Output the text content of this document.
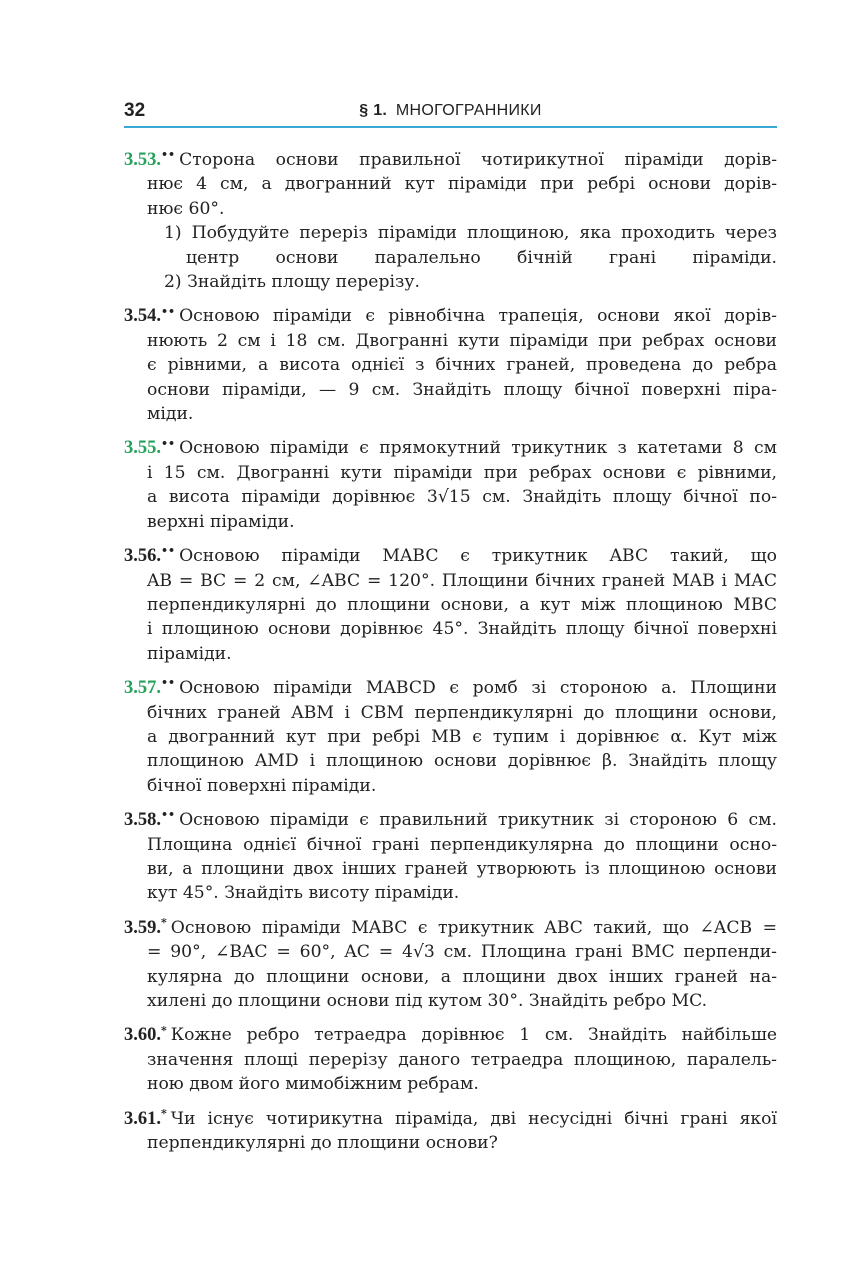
32	§ 1. МНОГОГРАННИКИ
3.53.•• Сторона основи правильної чотирикутної піраміди дорів-
нює 4 см, а двогранний кут піраміди при ребрі основи дорів-
нює 60°.
1) Побудуйте переріз піраміди площиною, яка проходить через
центр основи паралельно бічній грані піраміди.
2) Знайдіть площу перерізу.
3.54.•• Основою піраміди є рівнобічна трапеція, основи якої дорів-
нюють 2 см і 18 см. Двогранні кути піраміди при ребрах основи
є рівними, а висота однієї з бічних граней, проведена до ребра
основи піраміди, — 9 см. Знайдіть площу бічної поверхні піра-
міди.
3.55.•• Основою піраміди є прямокутний трикутник з катетами 8 см
і 15 см. Двогранні кути піраміди при ребрах основи є рівними,
а висота піраміди дорівнює 3√15 см. Знайдіть площу бічної по-
верхні піраміди.
3.56.•• Основою піраміди MABC є трикутник ABC такий, що
AB = BC = 2 см, ∠ABC = 120°. Площини бічних граней MAB і MAC
перпендикулярні до площини основи, а кут між площиною MBC
і площиною основи дорівнює 45°. Знайдіть площу бічної поверхні
піраміди.
3.57.•• Основою піраміди MABCD є ромб зі стороною a. Площини
бічних граней ABM і CBM перпендикулярні до площини основи,
а двогранний кут при ребрі MB є тупим і дорівнює α. Кут між
площиною AMD і площиною основи дорівнює β. Знайдіть площу
бічної поверхні піраміди.
3.58.•• Основою піраміди є правильний трикутник зі стороною 6 см.
Площина однієї бічної грані перпендикулярна до площини осно-
ви, а площини двох інших граней утворюють із площиною основи
кут 45°. Знайдіть висоту піраміди.
3.59.* Основою піраміди MABC є трикутник ABC такий, що ∠ACB =
= 90°, ∠BAC = 60°, AC = 4√3 см. Площина грані BMC перпенди-
кулярна до площини основи, а площини двох інших граней на-
хилені до площини основи під кутом 30°. Знайдіть ребро MC.
3.60.* Кожне ребро тетраедра дорівнює 1 см. Знайдіть найбільше
значення площі перерізу даного тетраедра площиною, паралель-
ною двом його мимобіжним ребрам.
3.61.* Чи існує чотирикутна піраміда, дві несусідні бічні грані якої
перпендикулярні до площини основи?
